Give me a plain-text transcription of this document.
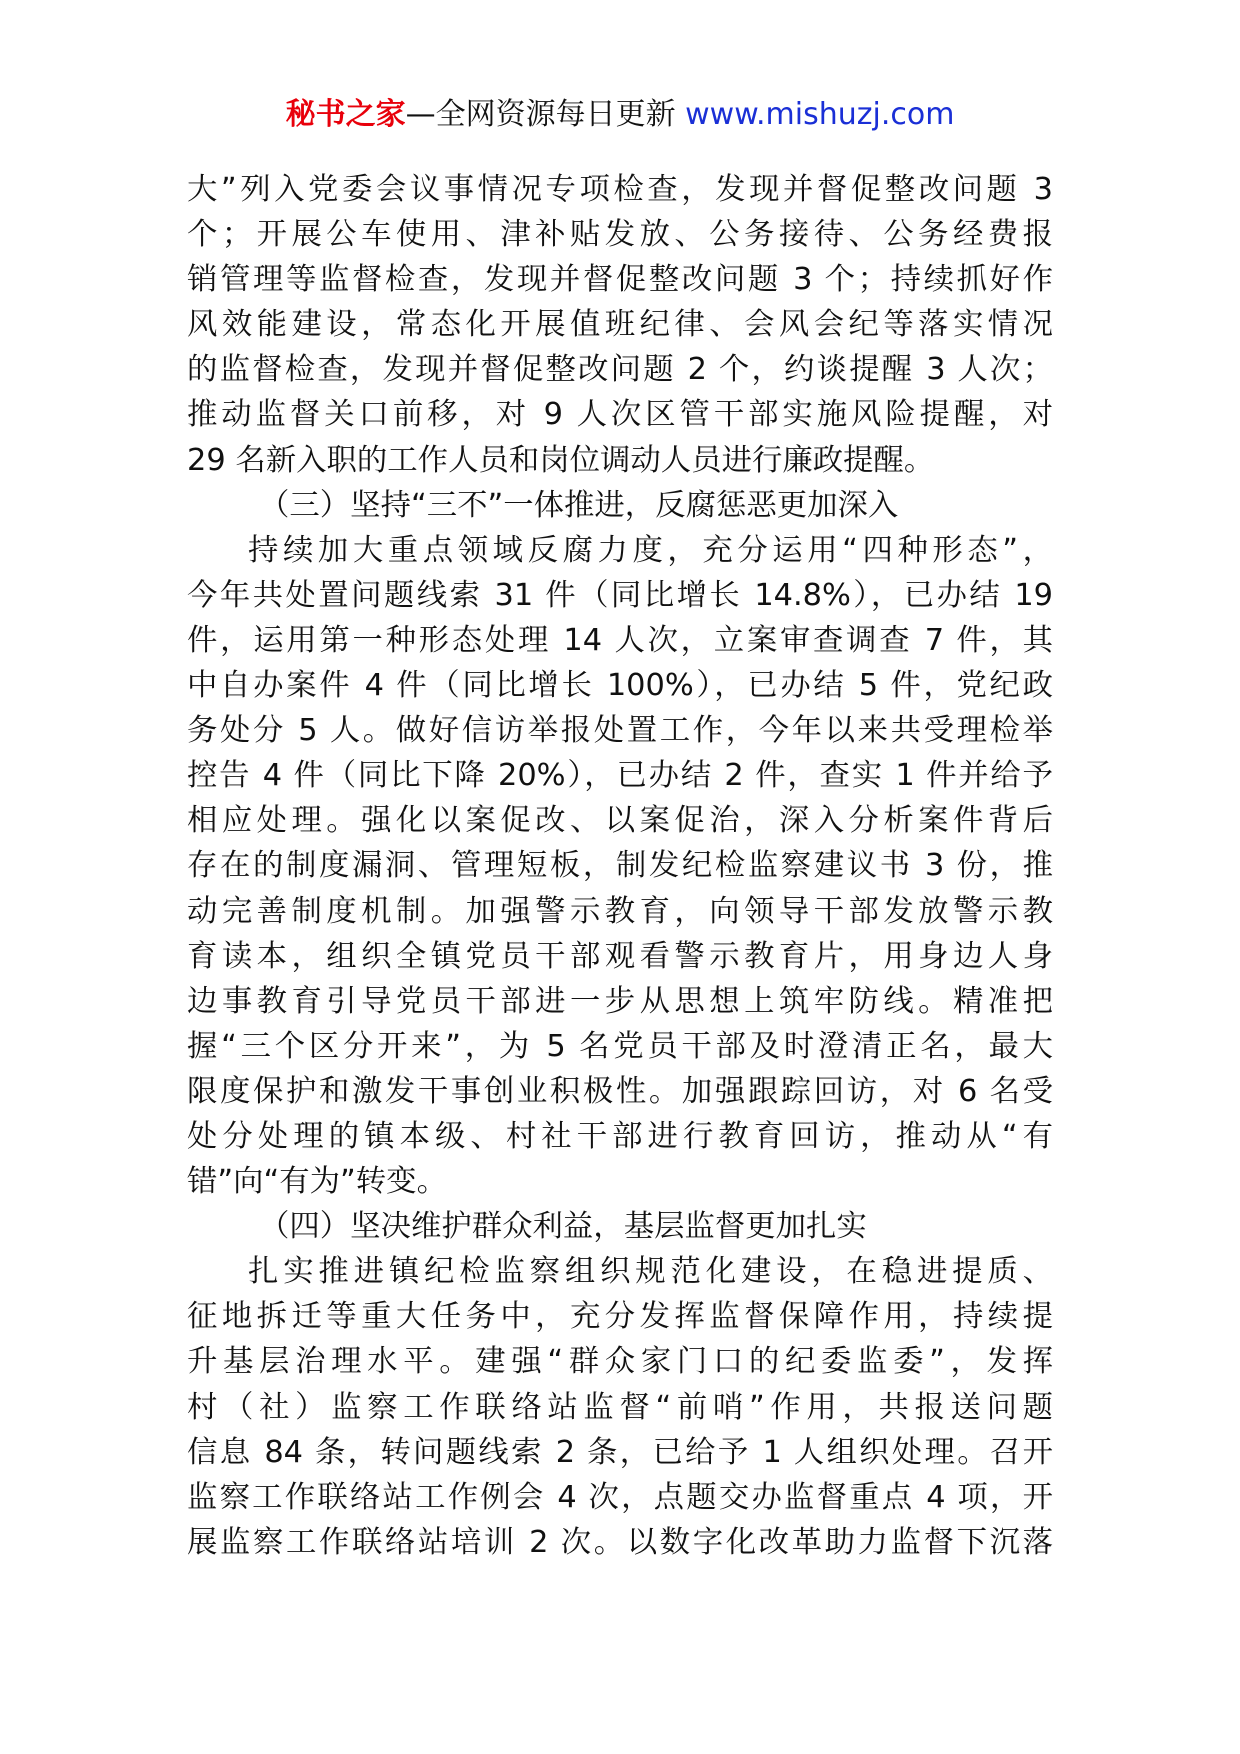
秘书之家—全网资源每日更新 www.mishuzj.com
大”列入党委会议事情况专项检查，发现并督促整改问题 3
个；开展公车使用、津补贴发放、公务接待、公务经费报
销管理等监督检查，发现并督促整改问题 3 个；持续抓好作
风效能建设，常态化开展值班纪律、会风会纪等落实情况
的监督检查，发现并督促整改问题 2 个，约谈提醒 3 人次；
推动监督关口前移，对 9 人次区管干部实施风险提醒，对
29 名新入职的工作人员和岗位调动人员进行廉政提醒。
（三）坚持“三不”一体推进，反腐惩恶更加深入
持续加大重点领域反腐力度，充分运用“四种形态”，
今年共处置问题线索 31 件（同比增长 14.8%），已办结 19
件，运用第一种形态处理 14 人次，立案审查调查 7 件，其
中自办案件 4 件（同比增长 100%），已办结 5 件，党纪政
务处分 5 人。做好信访举报处置工作，今年以来共受理检举
控告 4 件（同比下降 20%），已办结 2 件，查实 1 件并给予
相应处理。强化以案促改、以案促治，深入分析案件背后
存在的制度漏洞、管理短板，制发纪检监察建议书 3 份，推
动完善制度机制。加强警示教育，向领导干部发放警示教
育读本，组织全镇党员干部观看警示教育片，用身边人身
边事教育引导党员干部进一步从思想上筑牢防线。精准把
握“三个区分开来”，为 5 名党员干部及时澄清正名，最大
限度保护和激发干事创业积极性。加强跟踪回访，对 6 名受
处分处理的镇本级、村社干部进行教育回访，推动从“有
错”向“有为”转变。
（四）坚决维护群众利益，基层监督更加扎实
扎实推进镇纪检监察组织规范化建设，在稳进提质、
征地拆迁等重大任务中，充分发挥监督保障作用，持续提
升基层治理水平。建强“群众家门口的纪委监委”，发挥
村（社）监察工作联络站监督“前哨”作用，共报送问题
信息 84 条，转问题线索 2 条，已给予 1 人组织处理。召开
监察工作联络站工作例会 4 次，点题交办监督重点 4 项，开
展监察工作联络站培训 2 次。以数字化改革助力监督下沉落
